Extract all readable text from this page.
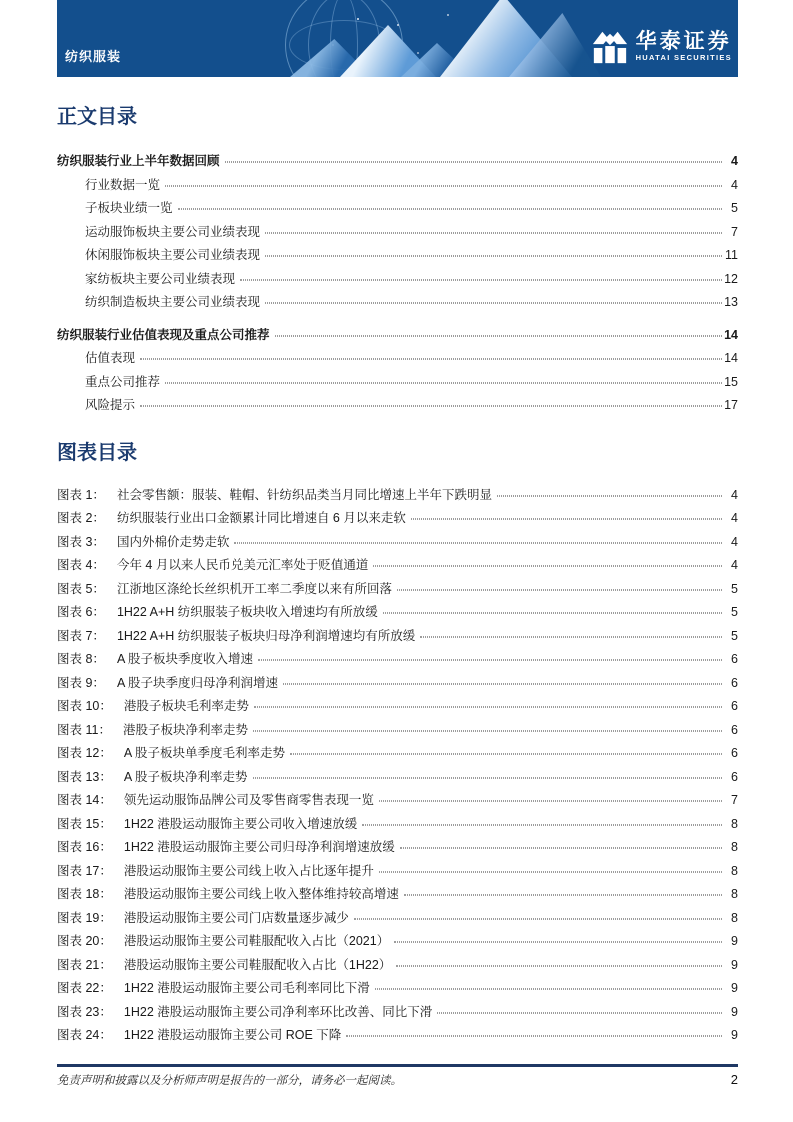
纺织服装
华泰证券
HUATAI SECURITIES
正文目录
纺织服装行业上半年数据回顾	4
行业数据一览	4
子板块业绩一览	5
运动服饰板块主要公司业绩表现	7
休闲服饰板块主要公司业绩表现	11
家纺板块主要公司业绩表现	12
纺织制造板块主要公司业绩表现	13
纺织服装行业估值表现及重点公司推荐	14
估值表现	14
重点公司推荐	15
风险提示	17
图表目录
图表 1： 社会零售额：服装、鞋帽、针纺织品类当月同比增速上半年下跌明显	4
图表 2： 纺织服装行业出口金额累计同比增速自 6 月以来走软	4
图表 3： 国内外棉价走势走软	4
图表 4： 今年 4 月以来人民币兑美元汇率处于贬值通道	4
图表 5： 江浙地区涤纶长丝织机开工率二季度以来有所回落	5
图表 6： 1H22 A+H 纺织服装子板块收入增速均有所放缓	5
图表 7： 1H22 A+H 纺织服装子板块归母净利润增速均有所放缓	5
图表 8： A 股子板块季度收入增速	6
图表 9： A 股子块季度归母净利润增速	6
图表 10： 港股子板块毛利率走势	6
图表 11： 港股子板块净利率走势	6
图表 12： A 股子板块单季度毛利率走势	6
图表 13： A 股子板块净利率走势	6
图表 14： 领先运动服饰品牌公司及零售商零售表现一览	7
图表 15： 1H22 港股运动服饰主要公司收入增速放缓	8
图表 16： 1H22 港股运动服饰主要公司归母净利润增速放缓	8
图表 17： 港股运动服饰主要公司线上收入占比逐年提升	8
图表 18： 港股运动服饰主要公司线上收入整体维持较高增速	8
图表 19： 港股运动服饰主要公司门店数量逐步减少	8
图表 20： 港股运动服饰主要公司鞋服配收入占比（2021）	9
图表 21： 港股运动服饰主要公司鞋服配收入占比（1H22）	9
图表 22： 1H22 港股运动服饰主要公司毛利率同比下滑	9
图表 23： 1H22 港股运动服饰主要公司净利率环比改善、同比下滑	9
图表 24： 1H22 港股运动服饰主要公司 ROE 下降	9
免责声明和披露以及分析师声明是报告的一部分，请务必一起阅读。	2
